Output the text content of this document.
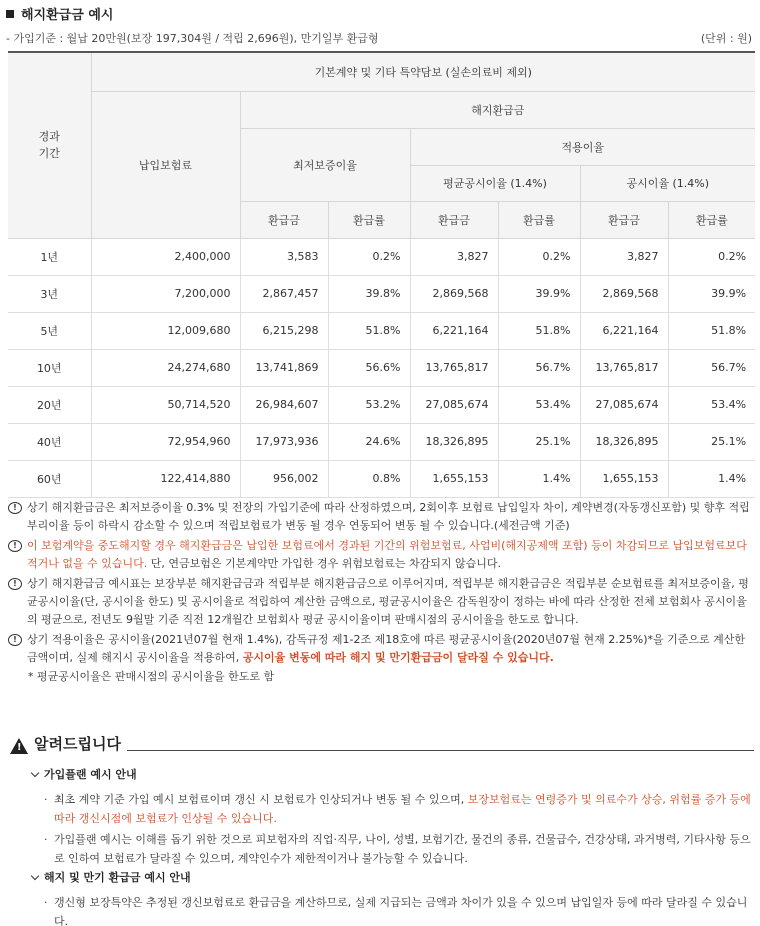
해지환급금 예시
- 가입기준 : 월납 20만원(보장 197,304원 / 적립 2,696원), 만기일부 환급형	(단위 : 원)
경과
기간	기본계약 및 기타 특약담보 (실손의료비 제외)						
	납입보험료	해지환급금					
		최저보증이율		적용이율			
				평균공시이율 (1.4%)		공시이율 (1.4%)	
		환급금	환급률	환급금	환급률	환급금	환급률
1년	2,400,000	3,583	0.2%	3,827	0.2%	3,827	0.2%
3년	7,200,000	2,867,457	39.8%	2,869,568	39.9%	2,869,568	39.9%
5년	12,009,680	6,215,298	51.8%	6,221,164	51.8%	6,221,164	51.8%
10년	24,274,680	13,741,869	56.6%	13,765,817	56.7%	13,765,817	56.7%
20년	50,714,520	26,984,607	53.2%	27,085,674	53.4%	27,085,674	53.4%
40년	72,954,960	17,973,936	24.6%	18,326,895	25.1%	18,326,895	25.1%
60년	122,414,880	956,002	0.8%	1,655,153	1.4%	1,655,153	1.4%
! 상기 해지환급금은 최저보증이율 0.3% 및 전장의 가입기준에 따라 산정하였으며, 2회이후 보험료 납입일자 차이, 계약변경(자동갱신포함) 및 향후 적립부리이율 등이 하락시 감소할 수 있으며 적립보험료가 변동 될 경우 연동되어 변동 될 수 있습니다.(세전금액 기준)
! 이 보험계약을 중도해지할 경우 해지환급금은 납입한 보험료에서 경과된 기간의 위험보험료, 사업비(해지공제액 포함) 등이 차감되므로 납입보험료보다 적거나 없을 수 있습니다. 단, 연금보험은 기본계약만 가입한 경우 위험보험료는 차감되지 않습니다.
! 상기 해지환급금 예시표는 보장부분 해지환급금과 적립부분 해지환급금으로 이루어지며, 적립부분 해지환급금은 적립부분 순보험료를 최저보증이율, 평균공시이율(단, 공시이율 한도) 및 공시이율로 적립하여 계산한 금액으로, 평균공시이율은 감독원장이 정하는 바에 따라 산정한 전체 보험회사 공시이율의 평균으로, 전년도 9월말 기준 직전 12개월간 보험회사 평균 공시이율이며 판매시점의 공시이율을 한도로 합니다.
! 상기 적용이율은 공시이율(2021년07월 현재 1.4%), 감독규정 제1-2조 제18호에 따른 평균공시이율(2020년07월 현재 2.25%)*을 기준으로 계산한 금액이며, 실제 해지시 공시이율을 적용하여, 공시이율 변동에 따라 해지 및 만기환급금이 달라질 수 있습니다.
* 평균공시이율은 판매시점의 공시이율을 한도로 함
! 알려드립니다
가입플랜 예시 안내
· 최초 계약 기준 가입 예시 보험료이며 갱신 시 보험료가 인상되거나 변동 될 수 있으며, 보장보험료는 연령증가 및 의료수가 상승, 위험률 증가 등에 따라 갱신시점에 보험료가 인상될 수 있습니다.
· 가입플랜 예시는 이해를 돕기 위한 것으로 피보험자의 직업·직무, 나이, 성별, 보험기간, 물건의 종류, 건물급수, 건강상태, 과거병력, 기타사항 등으로 인하여 보험료가 달라질 수 있으며, 계약인수가 제한적이거나 불가능할 수 있습니다.
해지 및 만기 환급금 예시 안내
· 갱신형 보장특약은 추정된 갱신보험료로 환급금을 계산하므로, 실제 지급되는 금액과 차이가 있을 수 있으며 납입일자 등에 따라 달라질 수 있습니다.
